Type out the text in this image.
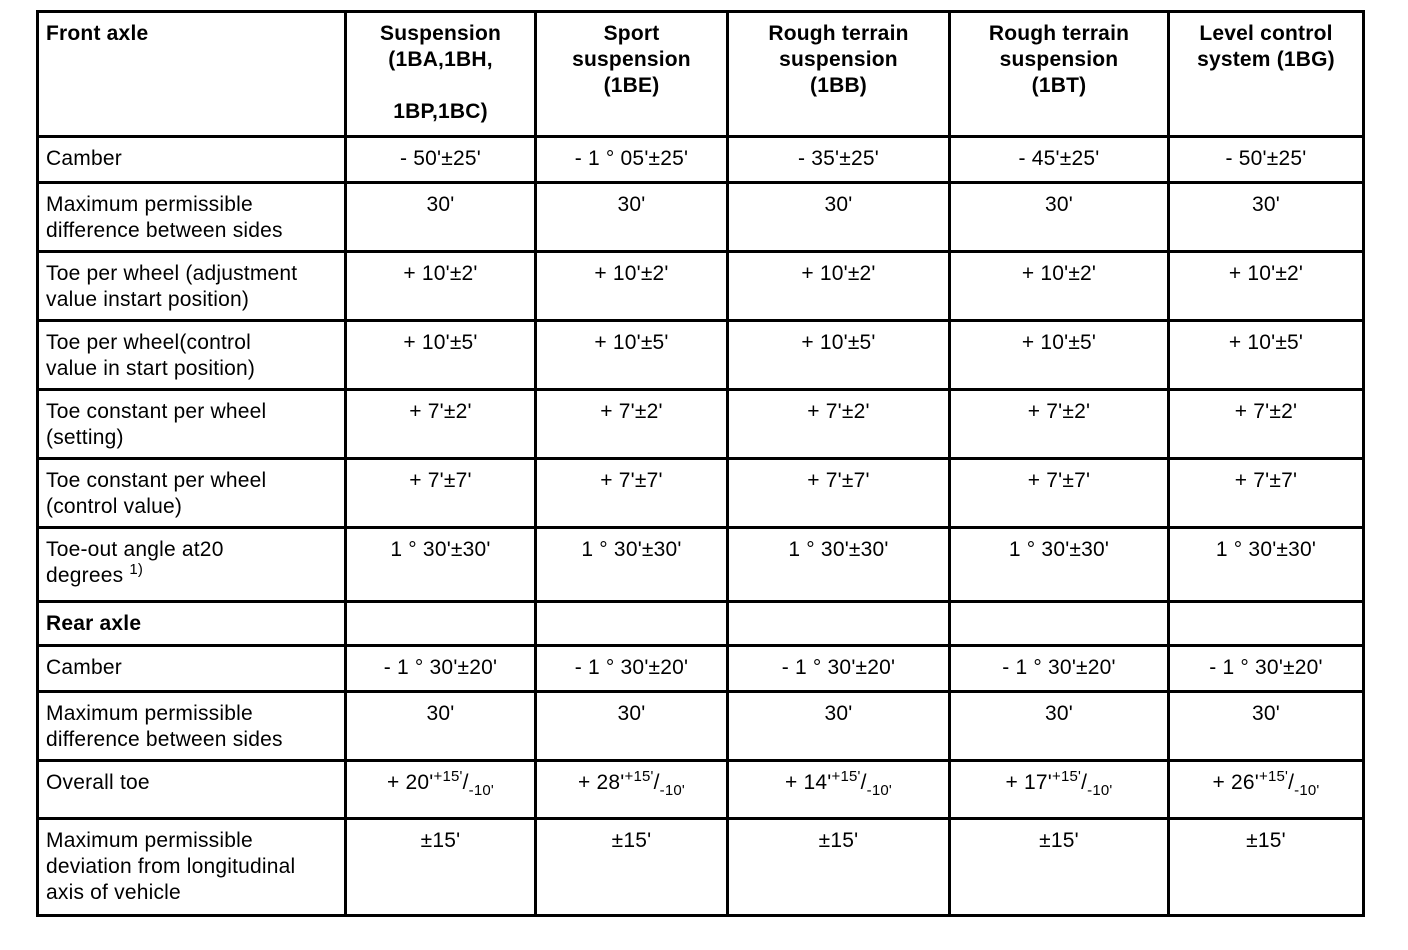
Front axle	Suspension
(1BA,1BH,

1BP,1BC)	Sport
suspension
(1BE)	Rough terrain
suspension
(1BB)	Rough terrain
suspension
(1BT)	Level control
system (1BG)
Camber	- 50'±25'	- 1 ° 05'±25'	- 35'±25'	- 45'±25'	- 50'±25'
Maximum permissible
difference between sides	30'	30'	30'	30'	30'
Toe per wheel (adjustment
value instart position)	+ 10'±2'	+ 10'±2'	+ 10'±2'	+ 10'±2'	+ 10'±2'
Toe per wheel(control
value in start position)	+ 10'±5'	+ 10'±5'	+ 10'±5'	+ 10'±5'	+ 10'±5'
Toe constant per wheel
(setting)	+ 7'±2'	+ 7'±2'	+ 7'±2'	+ 7'±2'	+ 7'±2'
Toe constant per wheel
(control value)	+ 7'±7'	+ 7'±7'	+ 7'±7'	+ 7'±7'	+ 7'±7'
Toe-out angle at20
degrees $^{1)}$	1 ° 30'±30'	1 ° 30'±30'	1 ° 30'±30'	1 ° 30'±30'	1 ° 30'±30'
Rear axle					
Camber	- 1 ° 30'±20'	- 1 ° 30'±20'	- 1 ° 30'±20'	- 1 ° 30'±20'	- 1 ° 30'±20'
Maximum permissible
difference between sides	30'	30'	30'	30'	30'
Overall toe	+ $20'^{+15'}/_{-10'}$	+ $28'^{+15'}/_{-10'}$	+ $14'^{+15'}/_{-10'}$	+ $17'^{+15'}/_{-10'}$	+ $26'^{+15'}/_{-10'}$
Maximum permissible
deviation from longitudinal
axis of vehicle	±15'	±15'	±15'	±15'	±15'
